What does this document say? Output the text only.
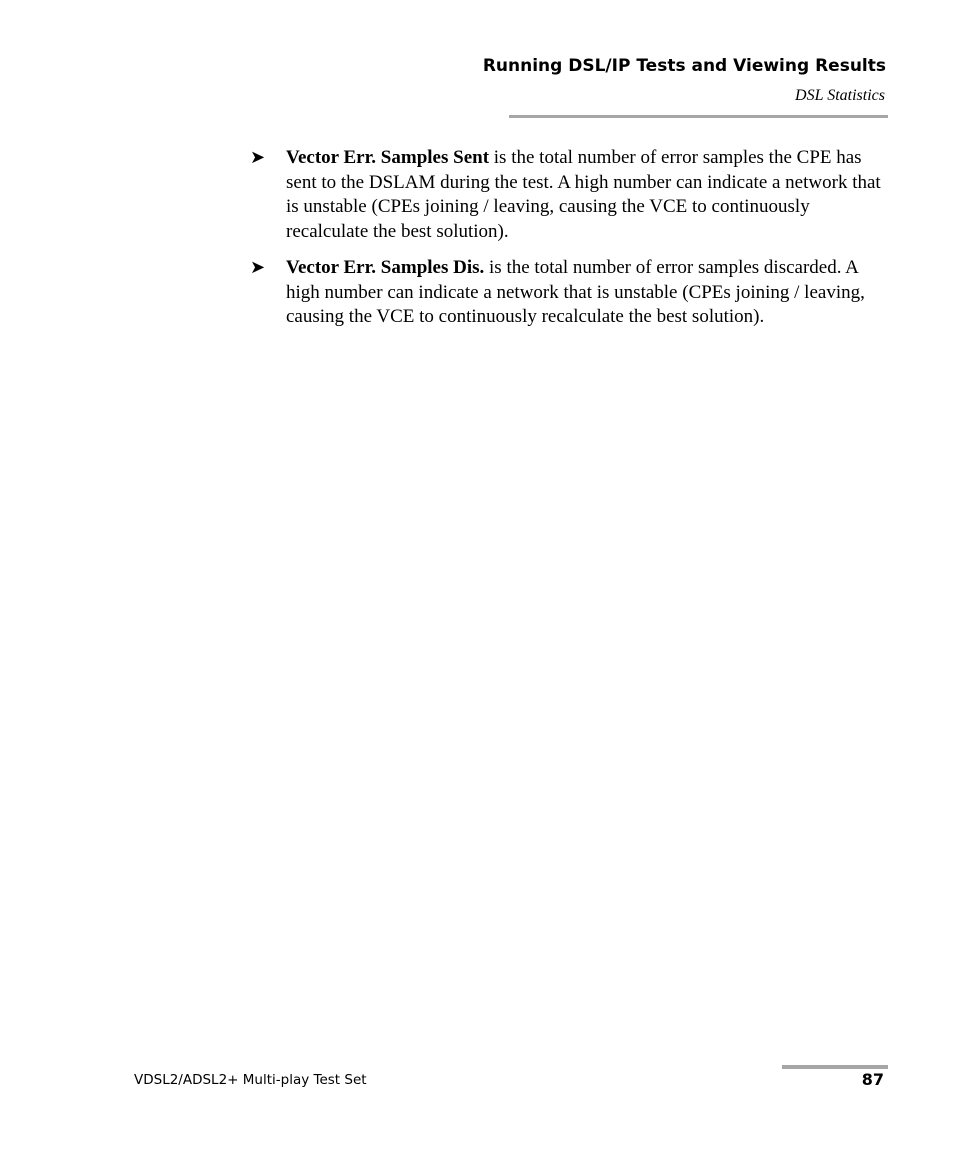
Running DSL/IP Tests and Viewing Results
DSL Statistics
➤ Vector Err. Samples Sent is the total number of error samples the CPE has sent to the DSLAM during the test. A high number can indicate a network that is unstable (CPEs joining / leaving, causing the VCE to continuously recalculate the best solution).
➤ Vector Err. Samples Dis. is the total number of error samples discarded. A high number can indicate a network that is unstable (CPEs joining / leaving, causing the VCE to continuously recalculate the best solution).
VDSL2/ADSL2+ Multi-play Test Set	87
